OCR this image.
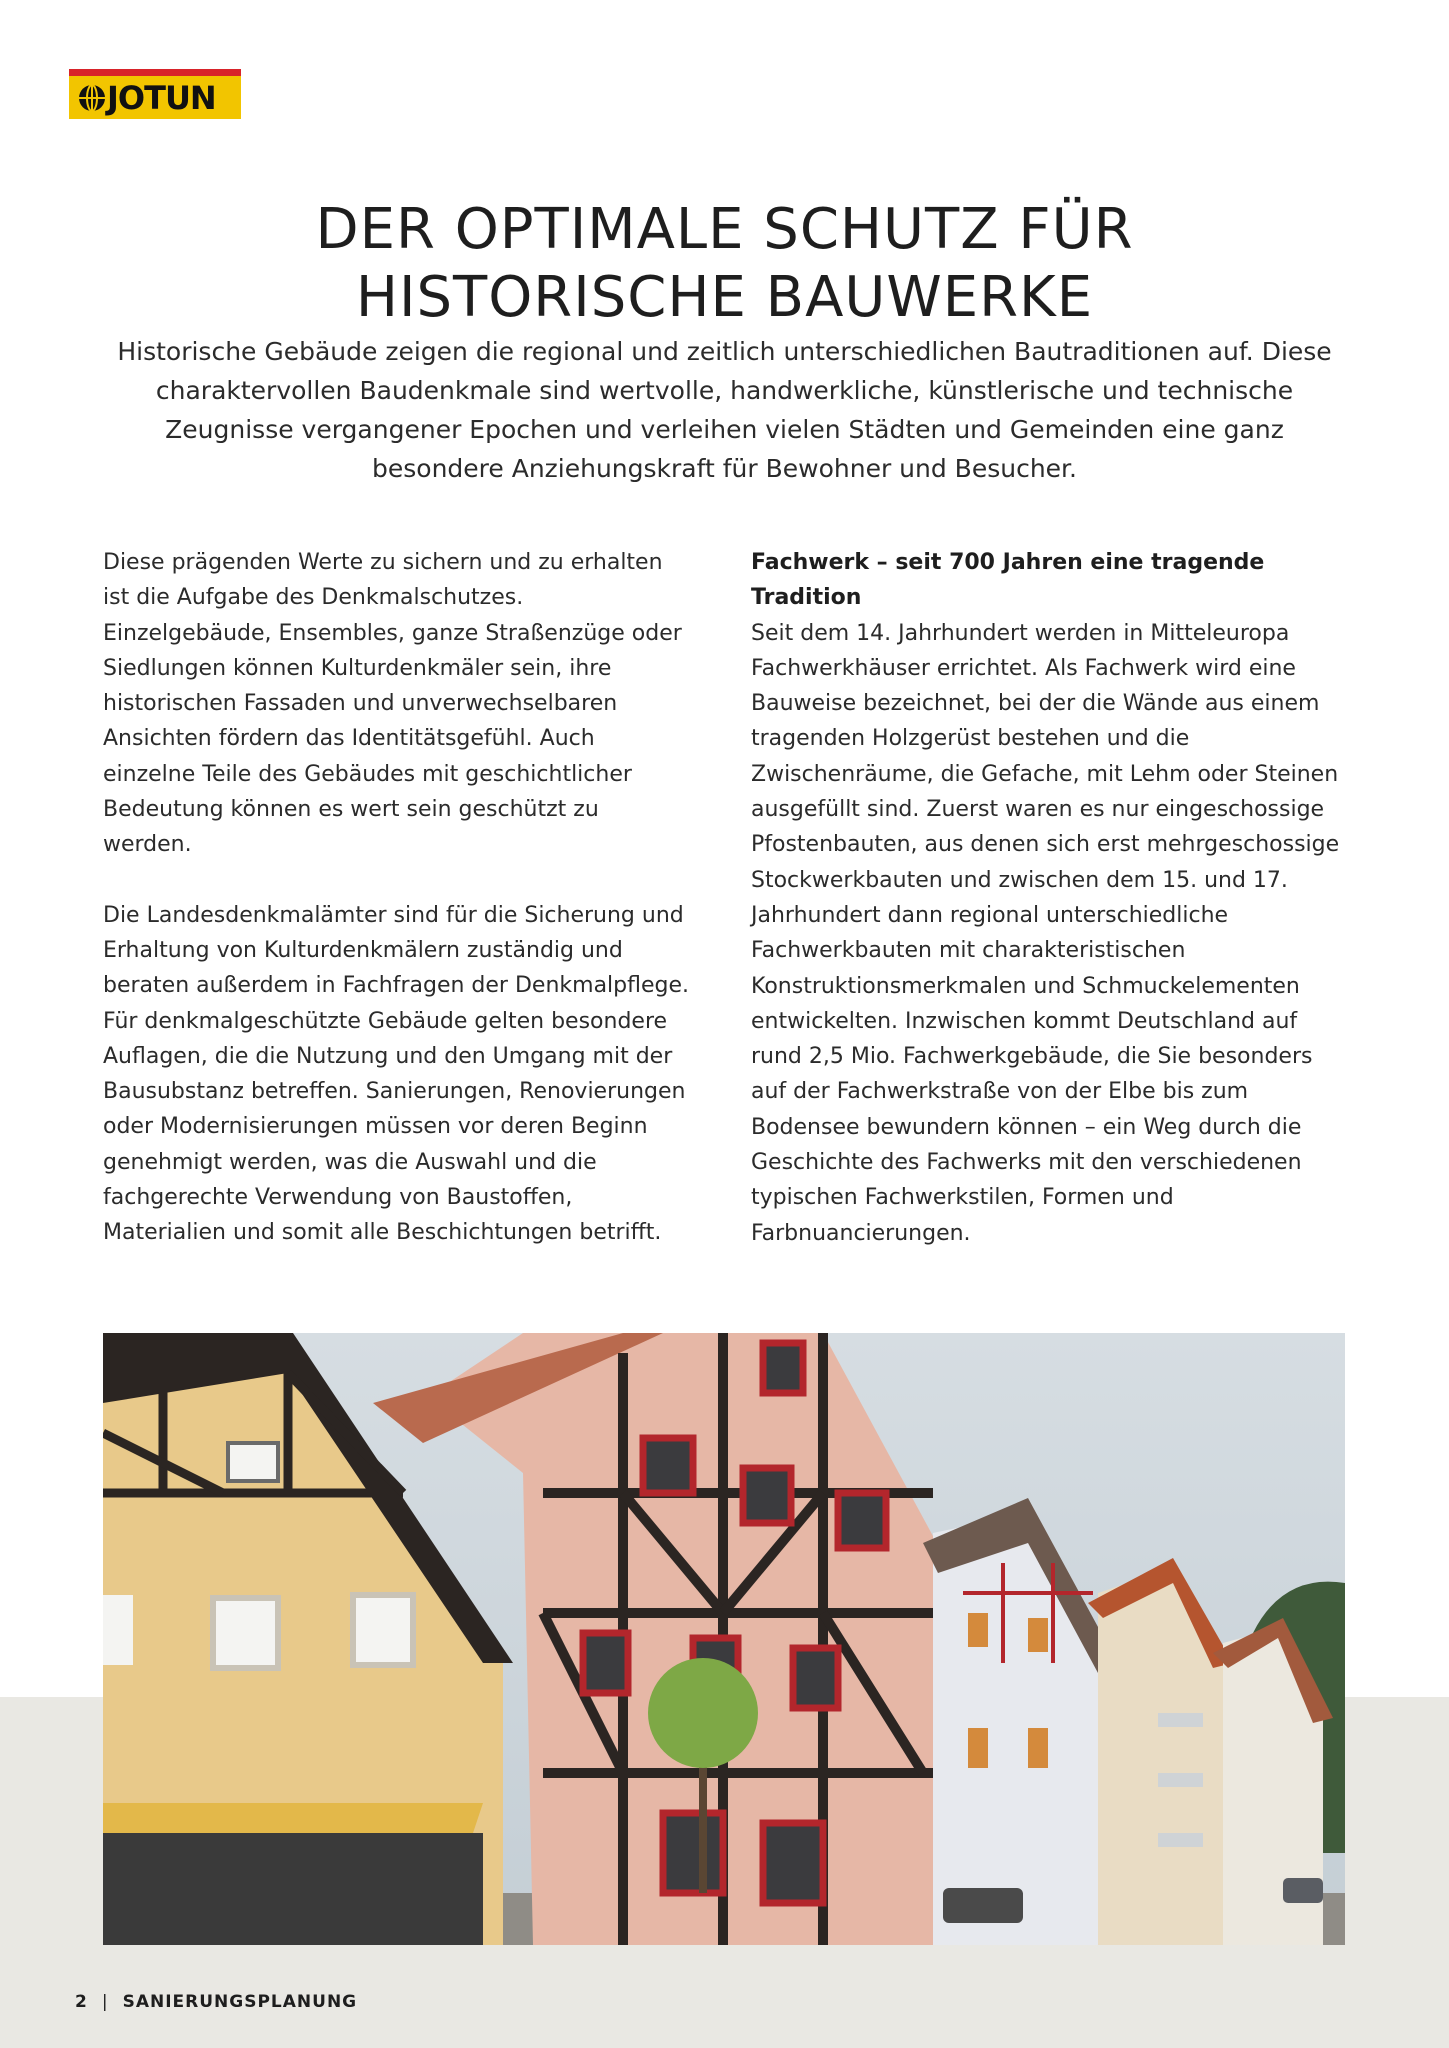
JOTUN
DER OPTIMALE SCHUTZ FÜR
HISTORISCHE BAUWERKE
Historische Gebäude zeigen die regional und zeitlich unterschiedlichen Bautraditionen auf. Diese charaktervollen Baudenkmale sind wertvolle, handwerkliche, künstlerische und technische Zeugnisse vergangener Epochen und verleihen vielen Städten und Gemeinden eine ganz besondere Anziehungskraft für Bewohner und Besucher.

Diese prägenden Werte zu sichern und zu erhalten ist die Aufgabe des Denkmalschutzes. Einzelgebäude, Ensembles, ganze Straßenzüge oder Siedlungen können Kulturdenkmäler sein, ihre historischen Fassaden und unverwechselbaren Ansichten fördern das Identitätsgefühl. Auch einzelne Teile des Gebäudes mit geschichtlicher Bedeutung können es wert sein geschützt zu werden.

Die Landesdenkmalämter sind für die Sicherung und Erhaltung von Kulturdenkmälern zuständig und beraten außerdem in Fachfragen der Denkmalpflege. Für denkmalgeschützte Gebäude gelten besondere Auflagen, die die Nutzung und den Umgang mit der Bausubstanz betreffen. Sanierungen, Renovierungen oder Modernisierungen müssen vor deren Beginn genehmigt werden, was die Auswahl und die fachgerechte Verwendung von Baustoffen, Materialien und somit alle Beschichtungen betrifft.

Fachwerk – seit 700 Jahren eine tragende Tradition

Seit dem 14. Jahrhundert werden in Mitteleuropa Fachwerkhäuser errichtet. Als Fachwerk wird eine Bauweise bezeichnet, bei der die Wände aus einem tragenden Holzgerüst bestehen und die Zwischenräume, die Gefache, mit Lehm oder Steinen ausgefüllt sind. Zuerst waren es nur eingeschossige Pfostenbauten, aus denen sich erst mehrgeschossige Stockwerkbauten und zwischen dem 15. und 17. Jahrhundert dann regional unterschiedliche Fachwerkbauten mit charakteristischen Konstruktionsmerkmalen und Schmuckelementen entwickelten. Inzwischen kommt Deutschland auf rund 2,5 Mio. Fachwerkgebäude, die Sie besonders auf der Fachwerkstraße von der Elbe bis zum Bodensee bewundern können – ein Weg durch die Geschichte des Fachwerks mit den verschiedenen typischen Fachwerkstilen, Formen und Farbnuancierungen.

2 | SANIERUNGSPLANUNG
